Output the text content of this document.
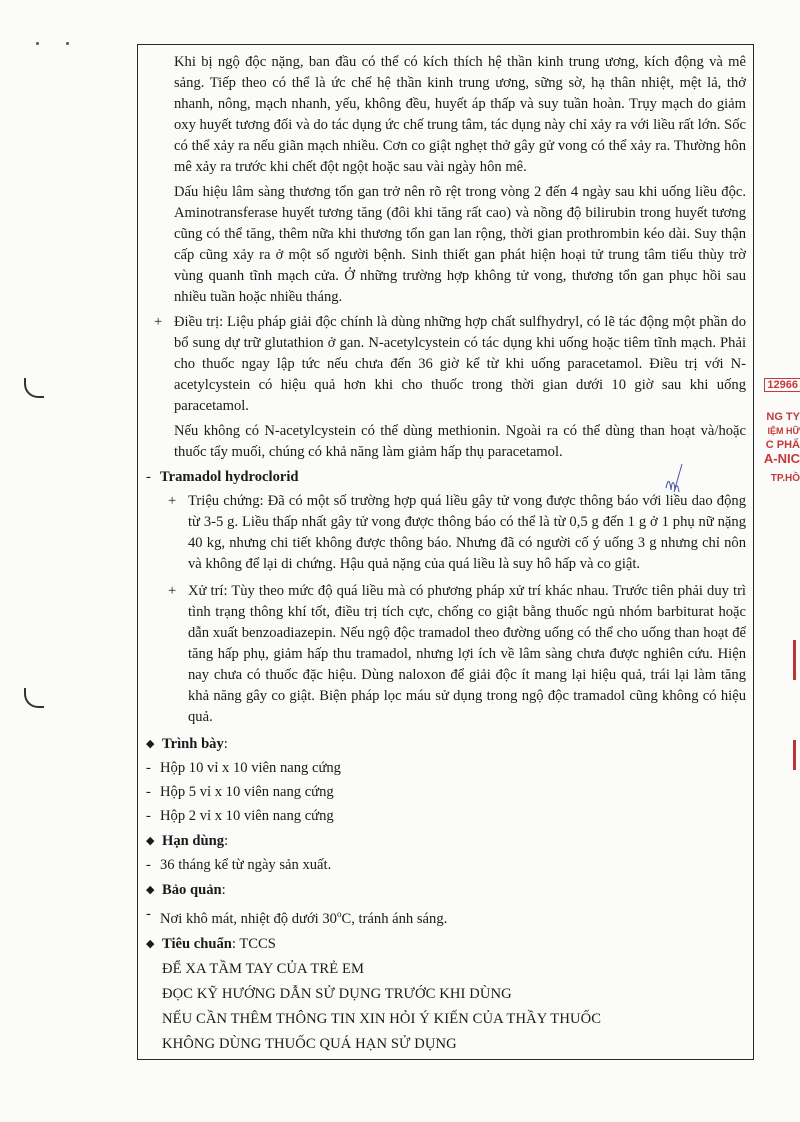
12966
NG TY
IỆM HỮ
C PHẨ
A-NIC
TP.HỒ

Khi bị ngộ độc nặng, ban đầu có thể có kích thích hệ thần kinh trung ương, kích động và mê sảng. Tiếp theo có thể là ức chế hệ thần kinh trung ương, sững sờ, hạ thân nhiệt, mệt lả, thở nhanh, nông, mạch nhanh, yếu, không đều, huyết áp thấp và suy tuần hoàn. Trụy mạch do giảm oxy huyết tương đối và do tác dụng ức chế trung tâm, tác dụng này chỉ xảy ra với liều rất lớn. Sốc có thể xảy ra nếu giãn mạch nhiều. Cơn co giật nghẹt thở gây gử vong có thể xảy ra. Thường hôn mê xảy ra trước khi chết đột ngột hoặc sau vài ngày hôn mê.

Dấu hiệu lâm sàng thương tổn gan trở nên rõ rệt trong vòng 2 đến 4 ngày sau khi uống liều độc. Aminotransferase huyết tương tăng (đôi khi tăng rất cao) và nồng độ bilirubin trong huyết tương cũng có thể tăng, thêm nữa khi thương tổn gan lan rộng, thời gian prothrombin kéo dài. Suy thận cấp cũng xảy ra ở một số người bệnh. Sinh thiết gan phát hiện hoại tử trung tâm tiểu thùy trờ vùng quanh tĩnh mạch cửa. Ở những trường hợp không tử vong, thương tổn gan phục hồi sau nhiều tuần hoặc nhiều tháng.

+ Điều trị: Liệu pháp giải độc chính là dùng những hợp chất sulfhydryl, có lẽ tác động một phần do bổ sung dự trữ glutathion ở gan. N-acetylcystein có tác dụng khi uống hoặc tiêm tĩnh mạch. Phải cho thuốc ngay lập tức nếu chưa đến 36 giờ kể từ khi uống paracetamol. Điều trị với N-acetylcystein có hiệu quả hơn khi cho thuốc trong thời gian dưới 10 giờ sau khi uống paracetamol.

Nếu không có N-acetylcystein có thể dùng methionin. Ngoài ra có thể dùng than hoạt và/hoặc thuốc tẩy muối, chúng có khả năng làm giảm hấp thụ paracetamol.

- Tramadol hydroclorid
+ Triệu chứng: Đã có một số trường hợp quá liều gây tử vong được thông báo với liều dao động từ 3-5 g. Liều thấp nhất gây tử vong được thông báo có thể là từ 0,5 g đến 1 g ở 1 phụ nữ nặng 40 kg, nhưng chi tiết không được thông báo. Nhưng đã có người cố ý uống 3 g nhưng chỉ nôn và không để lại di chứng. Hậu quả nặng của quá liều là suy hô hấp và co giật.

+ Xử trí: Tùy theo mức độ quá liều mà có phương pháp xử trí khác nhau. Trước tiên phải duy trì tình trạng thông khí tốt, điều trị tích cực, chống co giật bằng thuốc ngủ nhóm barbiturat hoặc dẫn xuất benzoadiazepin. Nếu ngộ độc tramadol theo đường uống có thể cho uống than hoạt để tăng hấp phụ, giảm hấp thu tramadol, nhưng lợi ích về lâm sàng chưa được nghiên cứu. Hiện nay chưa có thuốc đặc hiệu. Dùng naloxon để giải độc ít mang lại hiệu quả, trái lại làm tăng khả năng gây co giật. Biện pháp lọc máu sử dụng trong ngộ độc tramadol cũng không có hiệu quả.

◆ Trình bày:
- Hộp 10 vỉ x 10 viên nang cứng
- Hộp 5 vỉ x 10 viên nang cứng
- Hộp 2 vỉ x 10 viên nang cứng
◆ Hạn dùng:
- 36 tháng kể từ ngày sản xuất.
◆ Bảo quản:
- Nơi khô mát, nhiệt độ dưới 30$^o$C, tránh ánh sáng.
◆ Tiêu chuẩn: TCCS
ĐỂ XA TẦM TAY CỦA TRẺ EM
ĐỌC KỸ HƯỚNG DẪN SỬ DỤNG TRƯỚC KHI DÙNG
NẾU CẦN THÊM THÔNG TIN XIN HỎI Ý KIẾN CỦA THẦY THUỐC
KHÔNG DÙNG THUỐC QUÁ HẠN SỬ DỤNG
